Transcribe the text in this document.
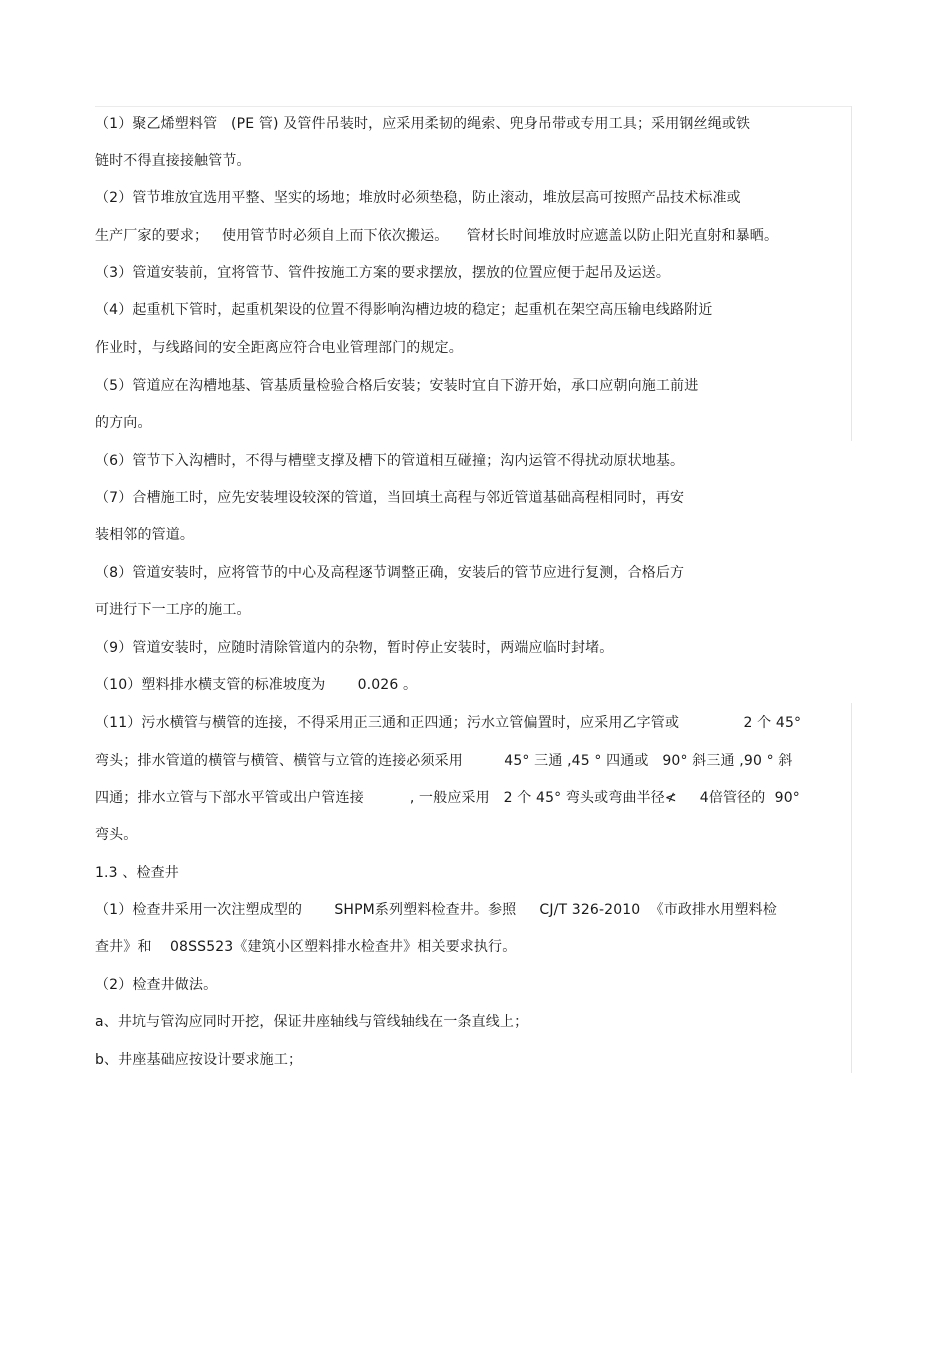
（1）聚乙烯塑料管   (PE 管) 及管件吊装时，应采用柔韧的绳索、兜身吊带或专用工具；采用钢丝绳或铁
链时不得直接接触管节。
（2）管节堆放宜选用平整、坚实的场地；堆放时必须垫稳，防止滚动，堆放层高可按照产品技术标准或
生产厂家的要求；   使用管节时必须自上而下依次搬运。    管材长时间堆放时应遮盖以防止阳光直射和暴晒。
（3）管道安装前，宜将管节、管件按施工方案的要求摆放，摆放的位置应便于起吊及运送。
（4）起重机下管时，起重机架设的位置不得影响沟槽边坡的稳定；起重机在架空高压输电线路附近
作业时，与线路间的安全距离应符合电业管理部门的规定。
（5）管道应在沟槽地基、管基质量检验合格后安装；安装时宜自下游开始，承口应朝向施工前进
的方向。
（6）管节下入沟槽时，不得与槽壁支撑及槽下的管道相互碰撞；沟内运管不得扰动原状地基。
（7）合槽施工时，应先安装埋设较深的管道，当回填土高程与邻近管道基础高程相同时，再安
装相邻的管道。
（8）管道安装时，应将管节的中心及高程逐节调整正确，安装后的管节应进行复测，合格后方
可进行下一工序的施工。
（9）管道安装时，应随时清除管道内的杂物，暂时停止安装时，两端应临时封堵。
（10）塑料排水横支管的标准坡度为       0.026 。
（11）污水横管与横管的连接，不得采用正三通和正四通；污水立管偏置时，应采用乙字管或              2 个 45°
弯头；排水管道的横管与横管、横管与立管的连接必须采用         45° 三通 ,45 ° 四通或   90° 斜三通 ,90 ° 斜
四通；排水立管与下部水平管或出户管连接          , 一般应采用   2 个 45° 弯头或弯曲半径≮     4倍管径的  90°
弯头。
1.3 、检查井
（1）检查井采用一次注塑成型的       SHPM系列塑料检查井。参照     CJ/T 326-2010  《市政排水用塑料检
查井》和    08SS523《建筑小区塑料排水检查井》相关要求执行。
（2）检查井做法。
a、井坑与管沟应同时开挖，保证井座轴线与管线轴线在一条直线上；
b、井座基础应按设计要求施工；
